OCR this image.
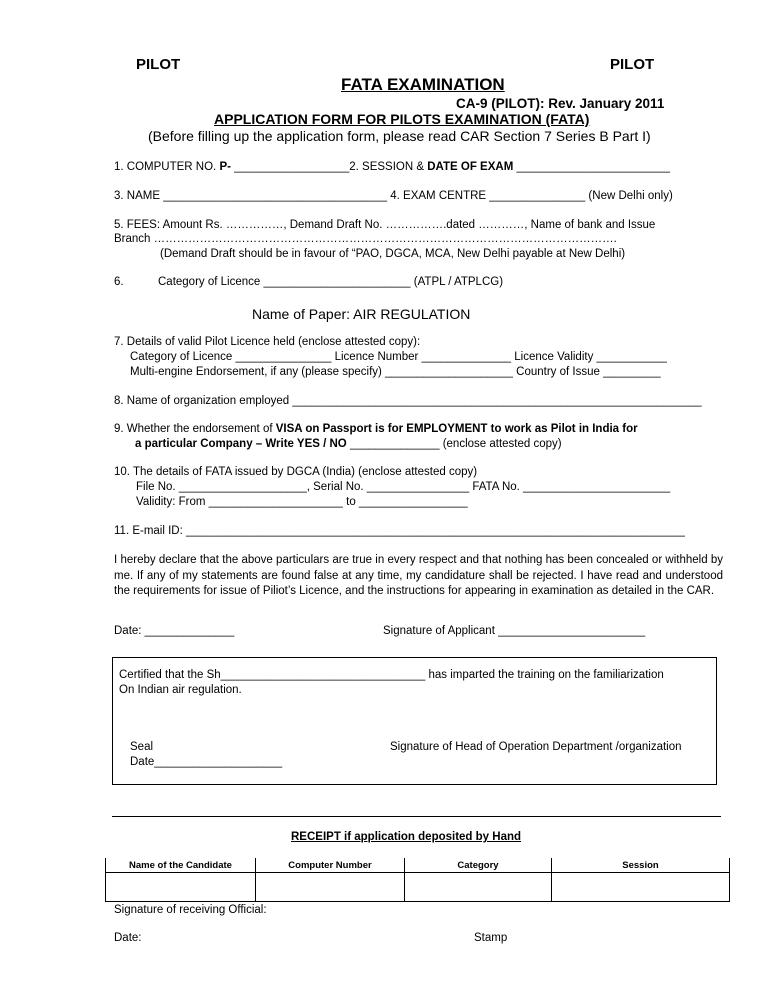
PILOT	PILOT
FATA EXAMINATION
CA-9 (PILOT): Rev. January 2011
APPLICATION FORM FOR PILOTS EXAMINATION (FATA)
(Before filling up the application form, please read CAR Section 7 Series B Part I)
1. COMPUTER NO. P- __________________2. SESSION & DATE OF EXAM ________________________
3. NAME ___________________________________ 4. EXAM CENTRE _______________ (New Delhi only)
5. FEES: Amount Rs. ……………, Demand Draft No. …………….dated …………, Name of bank and Issue
Branch ………………………………………………………………………………………………………….
(Demand Draft should be in favour of “PAO, DGCA, MCA, New Delhi payable at New Delhi)
6.	Category of Licence _______________________ (ATPL / ATPLCG)
Name of Paper: AIR REGULATION
7. Details of valid Pilot Licence held (enclose attested copy):
Category of Licence _______________ Licence Number ______________ Licence Validity ___________
Multi-engine Endorsement, if any (please specify) ____________________ Country of Issue _________
8. Name of organization employed ________________________________________________________________
9. Whether the endorsement of VISA on Passport is for EMPLOYMENT to work as Pilot in India for
a particular Company – Write YES / NO ______________ (enclose attested copy)
10. The details of FATA issued by DGCA (India) (enclose attested copy)
File No. ____________________, Serial No. ________________ FATA No. _______________________
Validity: From _____________________ to _________________
11. E-mail ID: ______________________________________________________________________________
I hereby declare that the above particulars are true in every respect and that nothing has been concealed or withheld by me. If any of my statements are found false at any time, my candidature shall be rejected. I have read and understood the requirements for issue of Piliot’s Licence, and the instructions for appearing in examination as detailed in the CAR.
Date: ______________	Signature of Applicant _______________________
Certified that the Sh________________________________ has imparted the training on the familiarization
On Indian air regulation.
Seal
Date____________________
Signature of Head of Operation Department /organization
RECEIPT if application deposited by Hand
Name of the Candidate	Computer Number	Category	Session

Signature of receiving Official:
Date:	Stamp
